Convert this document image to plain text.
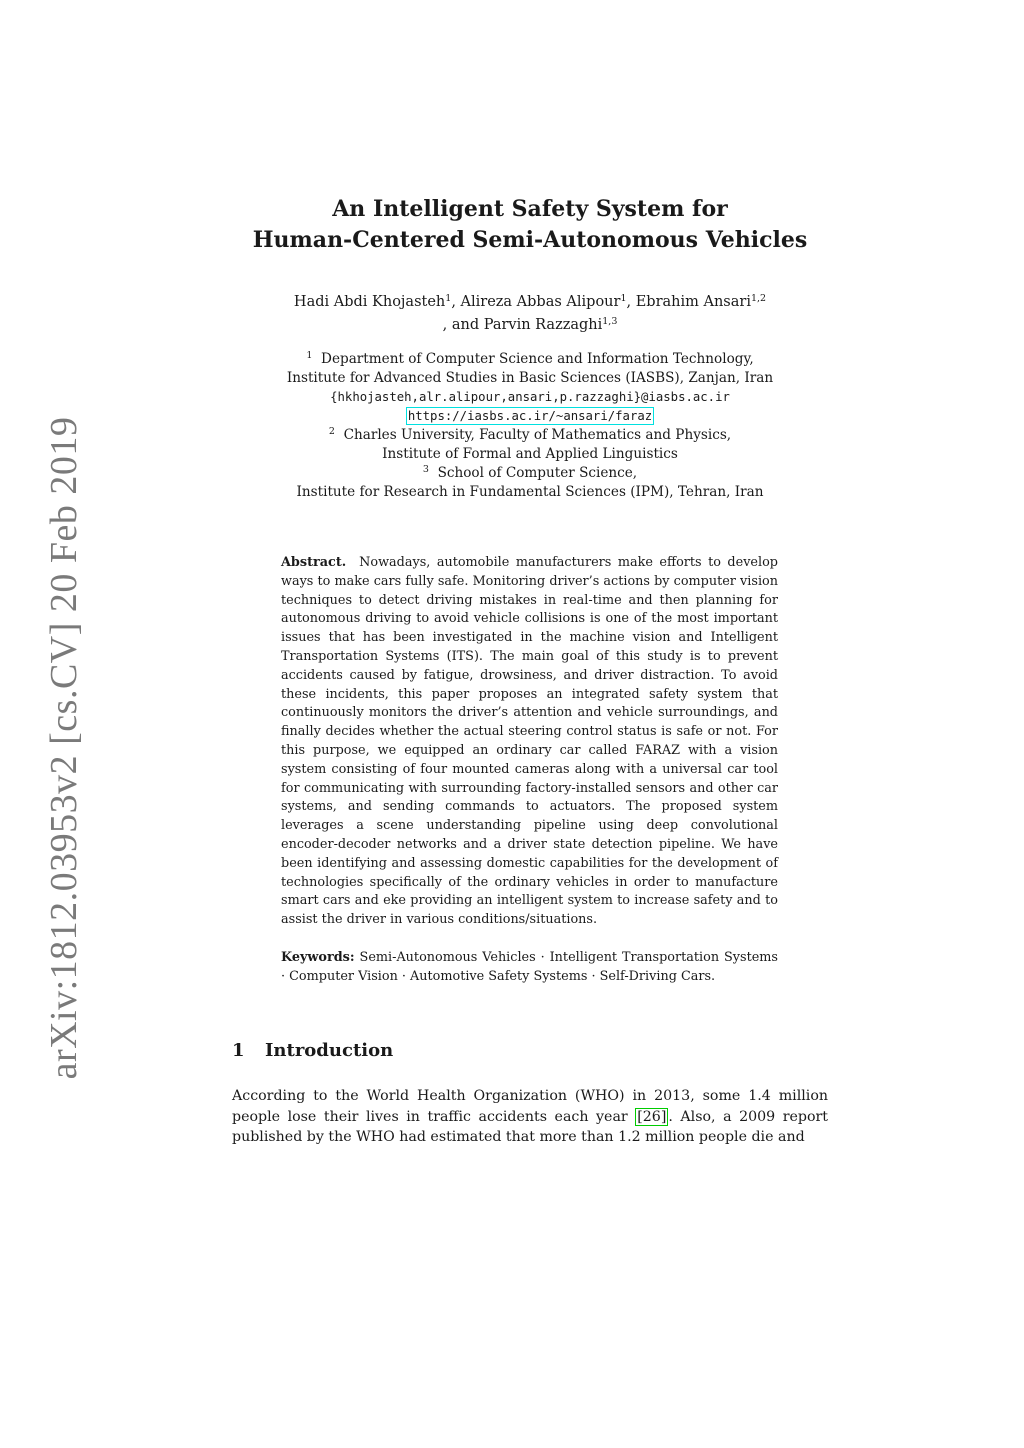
arXiv:1812.03953v2 [cs.CV] 20 Feb 2019
An Intelligent Safety System for
Human-Centered Semi-Autonomous Vehicles
Hadi Abdi Khojasteh$^1$, Alireza Abbas Alipour$^1$, Ebrahim Ansari$^{1,2}$
, and Parvin Razzaghi$^{1,3}$
$^1$ Department of Computer Science and Information Technology,
Institute for Advanced Studies in Basic Sciences (IASBS), Zanjan, Iran
{hkhojasteh,alr.alipour,ansari,p.razzaghi}@iasbs.ac.ir
https://iasbs.ac.ir/~ansari/faraz
$^2$ Charles University, Faculty of Mathematics and Physics,
Institute of Formal and Applied Linguistics
$^3$ School of Computer Science,
Institute for Research in Fundamental Sciences (IPM), Tehran, Iran
Abstract. Nowadays, automobile manufacturers make efforts to develop ways to make cars fully safe. Monitoring driver’s actions by computer vision techniques to detect driving mistakes in real-time and then planning for autonomous driving to avoid vehicle collisions is one of the most important issues that has been investigated in the machine vision and Intelligent Transportation Systems (ITS). The main goal of this study is to prevent accidents caused by fatigue, drowsiness, and driver distraction. To avoid these incidents, this paper proposes an integrated safety system that continuously monitors the driver’s attention and vehicle surroundings, and finally decides whether the actual steering control status is safe or not. For this purpose, we equipped an ordinary car called FARAZ with a vision system consisting of four mounted cameras along with a universal car tool for communicating with surrounding factory-installed sensors and other car systems, and sending commands to actuators. The proposed system leverages a scene understanding pipeline using deep convolutional encoder-decoder networks and a driver state detection pipeline. We have been identifying and assessing domestic capabilities for the development of technologies specifically of the ordinary vehicles in order to manufacture smart cars and eke providing an intelligent system to increase safety and to assist the driver in various conditions/situations.
Keywords: Semi-Autonomous Vehicles · Intelligent Transportation Systems · Computer Vision · Automotive Safety Systems · Self-Driving Cars.
1 Introduction
According to the World Health Organization (WHO) in 2013, some 1.4 million people lose their lives in traffic accidents each year [26] . Also, a 2009 report published by the WHO had estimated that more than 1.2 million people die and
